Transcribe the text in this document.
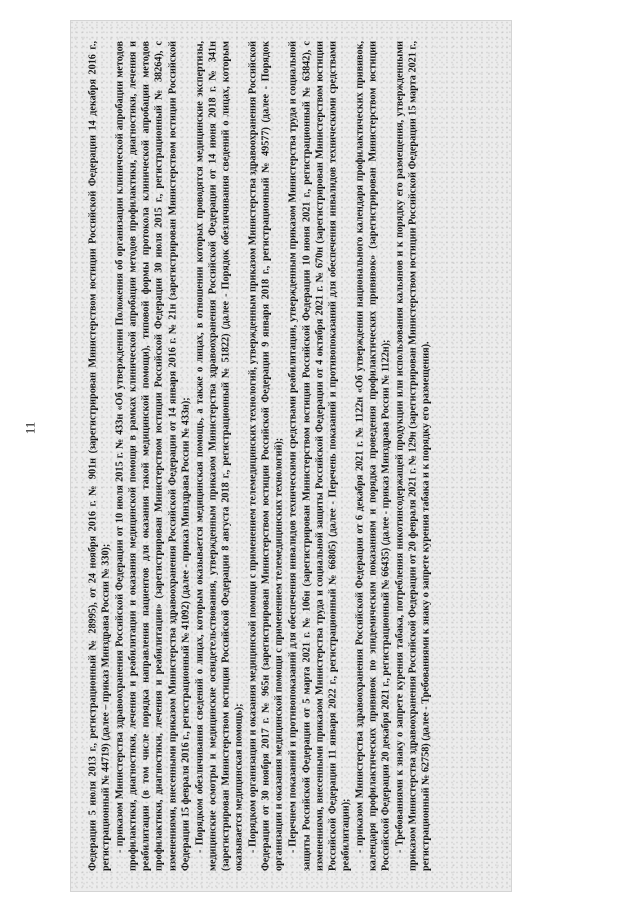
11	Федерации 5 июля 2013 г., регистрационный № 28995), от 24 ноября 2016 г. № 901н (зарегистрирован Министерством юстиции Российской Федерации 14 декабря 2016 г., регистрационный № 44719) (далее – приказ Минздрава России № 330); - приказом Министерства здравоохранения Российской Федерации от 10 июля 2015 г. № 433н «Об утверждении Положения об организации клинической апробации методов профилактики, диагностики, лечения и реабилитации и оказания медицинской помощи в рамках клинической апробации методов профилактики, диагностики, лечения и реабилитации (в том числе порядка направления пациентов для оказания такой медицинской помощи), типовой формы протокола клинической апробации методов профилактики, диагностики, лечения и реабилитации» (зарегистрирован Министерством юстиции Российской Федерации 30 июля 2015 г., регистрационный № 38264), с изменениями, внесенными приказом Министерства здравоохранения Российской Федерации от 14 января 2016 г. № 21н (зарегистрирован Министерством юстиции Российской Федерации 15 февраля 2016 г., регистрационный № 41092) (далее - приказ Минздрава России № 433н); - Порядком обезличивания сведений о лицах, которым оказывается медицинская помощь, а также о лицах, в отношении которых проводятся медицинские экспертизы, медицинские осмотры и медицинские освидетельствования, утвержденным приказом Министерства здравоохранения Российской Федерации от 14 июня 2018 г. № 341н (зарегистрирован Министерством юстиции Российской Федерации 8 августа 2018 г., регистрационный № 51822) (далее - Порядок обезличивания сведений о лицах, которым оказывается медицинская помощь); - Порядком организации и оказания медицинской помощи с применением телемедицинских технологий, утвержденным приказом Министерства здравоохранения Российской Федерации от 30 ноября 2017 г. № 965н (зарегистрирован Министерством юстиции Российской Федерации 9 января 2018 г., регистрационный № 49577) (далее - Порядок организации и оказания медицинской помощи с применением телемедицинских технологий); - Перечнем показаний и противопоказаний для обеспечения инвалидов техническими средствами реабилитации, утвержденным приказом Министерства труда и социальной защиты Российской Федерации от 5 марта 2021 г. № 106н (зарегистрирован Министерством юстиции Российской Федерации 10 июня 2021 г., регистрационный № 63842), с изменениями, внесенными приказом Министерства труда и социальной защиты Российской Федерации от 4 октября 2021 г. № 670н (зарегистрирован Министерством юстиции Российской Федерации 11 января 2022 г., регистрационный № 66805) (далее - Перечень показаний и противопоказаний для обеспечения инвалидов техническими средствами реабилитации); - приказом Министерства здравоохранения Российской Федерации от 6 декабря 2021 г. № 1122н «Об утверждении национального календаря профилактических прививок, календаря профилактических прививок по эпидемическим показаниям и порядка проведения профилактических прививок» (зарегистрирован Министерством юстиции Российской Федерации 20 декабря 2021 г., регистрационный № 66435) (далее - приказ Минздрава России № 1122н); - Требованиями к знаку о запрете курения табака, потребления никотинсодержащей продукции или использования кальянов и к порядку его размещения, утвержденными приказом Министерства здравоохранения Российской Федерации от 20 февраля 2021 г. № 129н (зарегистрирован Министерством юстиции Российской Федерации 15 марта 2021 г., регистрационный № 62758) (далее - Требованиями к знаку о запрете курения табака и к порядку его размещения).
